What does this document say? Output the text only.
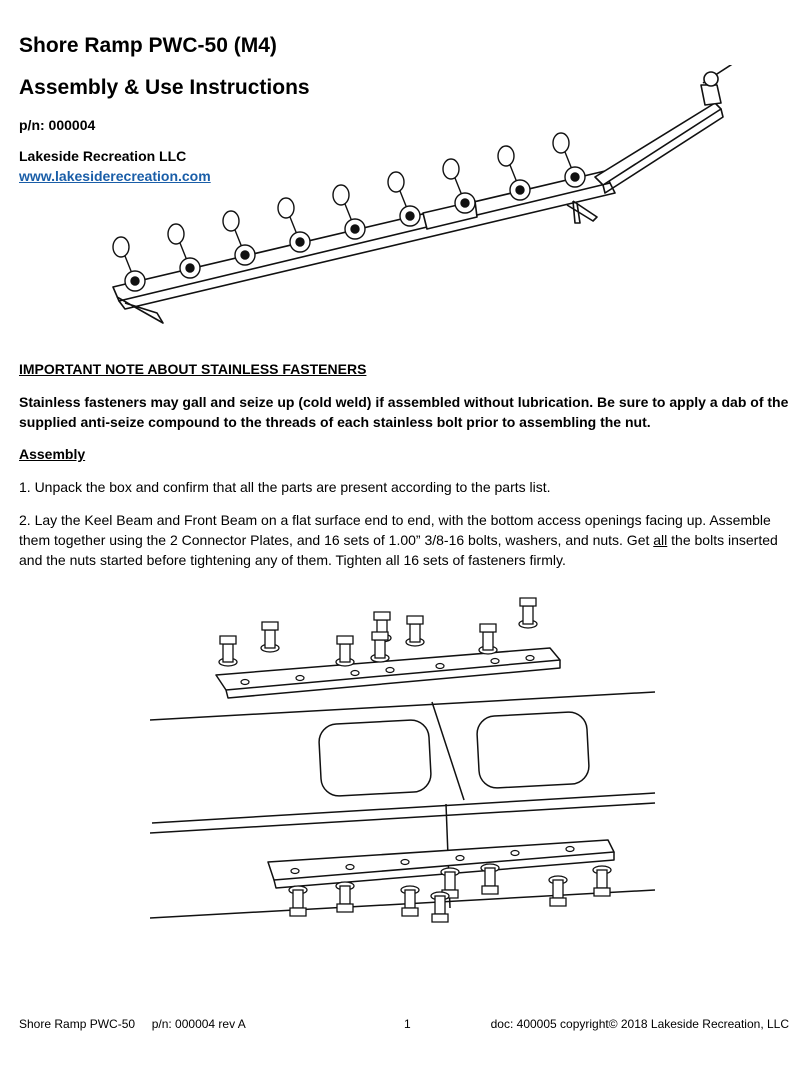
Shore Ramp PWC-50 (M4)
Assembly & Use Instructions
p/n: 000004
Lakeside Recreation LLC
www.lakesiderecreation.com
IMPORTANT NOTE ABOUT STAINLESS FASTENERS
Stainless fasteners may gall and seize up (cold weld) if assembled without lubrication. Be sure to apply a dab of the supplied anti-seize compound to the threads of each stainless bolt prior to assembling the nut.
Assembly
1. Unpack the box and confirm that all the parts are present according to the parts list.
2. Lay the Keel Beam and Front Beam on a flat surface end to end, with the bottom access openings facing up. Assemble them together using the 2 Connector Plates, and 16 sets of 1.00” 3/8-16 bolts, washers, and nuts. Get all the bolts inserted and the nuts started before tightening any of them. Tighten all 16 sets of fasteners firmly.
Shore Ramp PWC-50     p/n: 000004 rev A	1	doc: 400005 copyright© 2018 Lakeside Recreation, LLC
